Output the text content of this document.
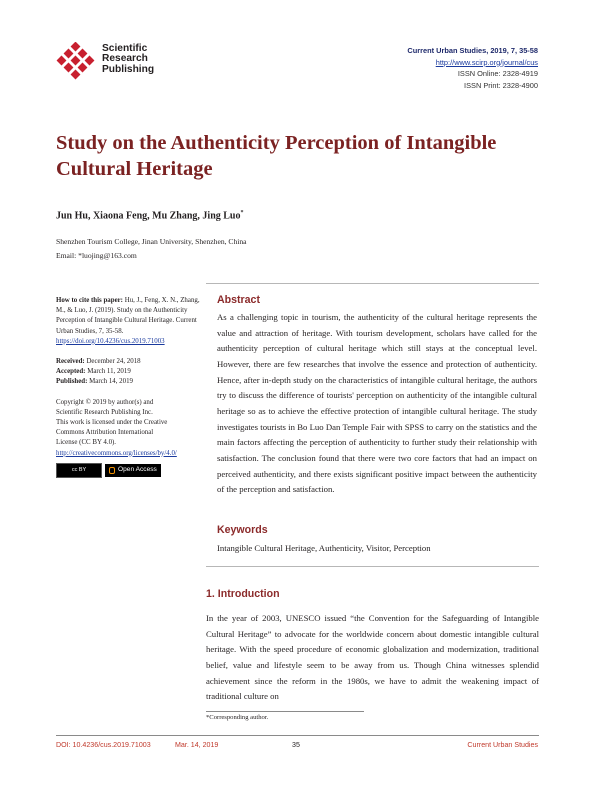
Scientific
Research
Publishing
Current Urban Studies, 2019, 7, 35-58
http://www.scirp.org/journal/cus
ISSN Online: 2328-4919
ISSN Print: 2328-4900
Study on the Authenticity Perception of Intangible Cultural Heritage
Jun Hu, Xiaona Feng, Mu Zhang, Jing Luo*
Shenzhen Tourism College, Jinan University, Shenzhen, China
Email: *luojing@163.com

How to cite this paper: Hu, J., Feng, X. N., Zhang, M., & Luo, J. (2019). Study on the Authenticity Perception of Intangible Cultural Heritage. Current Urban Studies, 7, 35-58.

https://doi.org/10.4236/cus.2019.71003

Received: December 24, 2018

Accepted: March 11, 2019

Published: March 14, 2019

Copyright © 2019 by author(s) and

Scientific Research Publishing Inc.

This work is licensed under the Creative

Commons Attribution International

License (CC BY 4.0).

http://creativecommons.org/licenses/by/4.0/

cc BY	Open Access
Abstract

As a challenging topic in tourism, the authenticity of the cultural heritage represents the value and attraction of heritage. With tourism development, scholars have called for the authenticity perception of cultural heritage which still stays at the conceptual level. However, there are few researches that involve the essence and protection of authenticity. Hence, after in-depth study on the characteristics of intangible cultural heritage, the authors try to discuss the difference of tourists' perception on authenticity of the intangible cultural heritage so as to achieve the effective protection of intangible cultural heritage. The study investigates tourists in Bo Luo Dan Temple Fair with SPSS to carry on the statistics and the main factors affecting the perception of authenticity to further study their relationship with satisfaction. The conclusion found that there were two core factors that had an impact on perceived authenticity, and there exists significant positive impact between the authenticity of the perception and satisfaction.

Keywords

Intangible Cultural Heritage, Authenticity, Visitor, Perception

1. Introduction

In the year of 2003, UNESCO issued “the Convention for the Safeguarding of Intangible Cultural Heritage” to advocate for the worldwide concern about domestic intangible cultural heritage. With the speed procedure of economic globalization and modernization, traditional belief, value and lifestyle seem to be away from us. Though China witnesses splendid achievement since the reform in the 1980s, we have to admit the weakening impact of traditional culture on

*Corresponding author.
DOI: 10.4236/cus.2019.71003	Mar. 14, 2019	35	Current Urban Studies
